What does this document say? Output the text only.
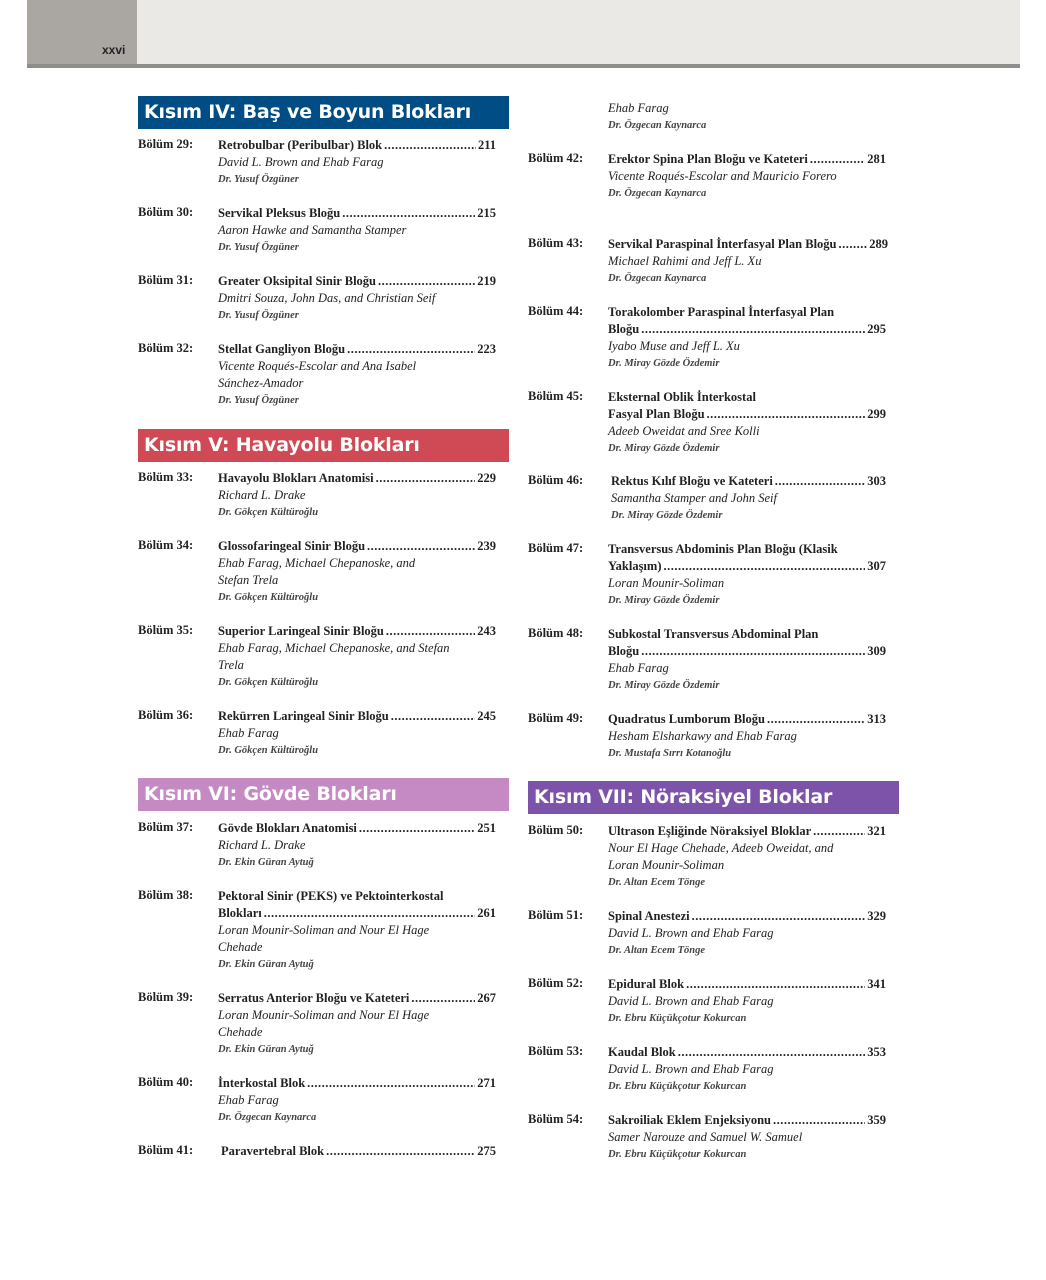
xxvi
Kısım IV: Baş ve Boyun Blokları
Bölüm 29: Retrobulbar (Peribulbar) Blok .....	211
David L. Brown and Ehab Farag
Dr. Yusuf Özgüner
Bölüm 30: Servikal Pleksus Bloğu .....	215
Aaron Hawke and Samantha Stamper
Dr. Yusuf Özgüner
Bölüm 31: Greater Oksipital Sinir Bloğu .....	219
Dmitri Souza, John Das, and Christian Seif
Dr. Yusuf Özgüner
Bölüm 32: Stellat Gangliyon Bloğu .....	223
Vicente Roqués-Escolar and Ana Isabel Sánchez-Amador
Dr. Yusuf Özgüner
Kısım V: Havayolu Blokları
Bölüm 33: Havayolu Blokları Anatomisi .....	229
Richard L. Drake
Dr. Gökçen Kültüroğlu
Bölüm 34: Glossofaringeal Sinir Bloğu .....	239
Ehab Farag, Michael Chepanoske, and Stefan Trela
Dr. Gökçen Kültüroğlu
Bölüm 35: Superior Laringeal Sinir Bloğu .....	243
Ehab Farag, Michael Chepanoske, and Stefan Trela
Dr. Gökçen Kültüroğlu
Bölüm 36: Rekürren Laringeal Sinir Bloğu .....	245
Ehab Farag
Dr. Gökçen Kültüroğlu
Kısım VI: Gövde Blokları
Bölüm 37: Gövde Blokları Anatomisi .....	251
Richard L. Drake
Dr. Ekin Güran Aytuğ
Bölüm 38: Pektoral Sinir (PEKS) ve Pektointerkostal
Blokları .....	261
Loran Mounir-Soliman and Nour El Hage Chehade
Dr. Ekin Güran Aytuğ
Bölüm 39: Serratus Anterior Bloğu ve Kateteri .....	267
Loran Mounir-Soliman and Nour El Hage Chehade
Dr. Ekin Güran Aytuğ
Bölüm 40: İnterkostal Blok .....	271
Ehab Farag
Dr. Özgecan Kaynarca
Bölüm 41: Paravertebral Blok .....	275
Ehab Farag
Dr. Özgecan Kaynarca
Bölüm 42: Erektor Spina Plan Bloğu ve Kateteri .....	281
Vicente Roqués-Escolar and Mauricio Forero
Dr. Özgecan Kaynarca
Bölüm 43: Servikal Paraspinal İnterfasyal Plan Bloğu .....	289
Michael Rahimi and Jeff L. Xu
Dr. Özgecan Kaynarca
Bölüm 44: Torakolomber Paraspinal İnterfasyal Plan
Bloğu .....	295
Iyabo Muse and Jeff L. Xu
Dr. Miray Gözde Özdemir
Bölüm 45: Eksternal Oblik İnterkostal
Fasyal Plan Bloğu .....	299
Adeeb Oweidat and Sree Kolli
Dr. Miray Gözde Özdemir
Bölüm 46: Rektus Kılıf Bloğu ve Kateteri .....	303
Samantha Stamper and John Seif
Dr. Miray Gözde Özdemir
Bölüm 47: Transversus Abdominis Plan Bloğu (Klasik
Yaklaşım) .....	307
Loran Mounir-Soliman
Dr. Miray Gözde Özdemir
Bölüm 48: Subkostal Transversus Abdominal Plan
Bloğu .....	309
Ehab Farag
Dr. Miray Gözde Özdemir
Bölüm 49: Quadratus Lumborum Bloğu .....	313
Hesham Elsharkawy and Ehab Farag
Dr. Mustafa Sırrı Kotanoğlu
Kısım VII: Nöraksiyel Bloklar
Bölüm 50: Ultrason Eşliğinde Nöraksiyel Bloklar .....	321
Nour El Hage Chehade, Adeeb Oweidat, and Loran Mounir-Soliman
Dr. Altan Ecem Tönge
Bölüm 51: Spinal Anestezi .....	329
David L. Brown and Ehab Farag
Dr. Altan Ecem Tönge
Bölüm 52: Epidural Blok .....	341
David L. Brown and Ehab Farag
Dr. Ebru Küçükçotur Kokurcan
Bölüm 53: Kaudal Blok .....	353
David L. Brown and Ehab Farag
Dr. Ebru Küçükçotur Kokurcan
Bölüm 54: Sakroiliak Eklem Enjeksiyonu .....	359
Samer Narouze and Samuel W. Samuel
Dr. Ebru Küçükçotur Kokurcan
